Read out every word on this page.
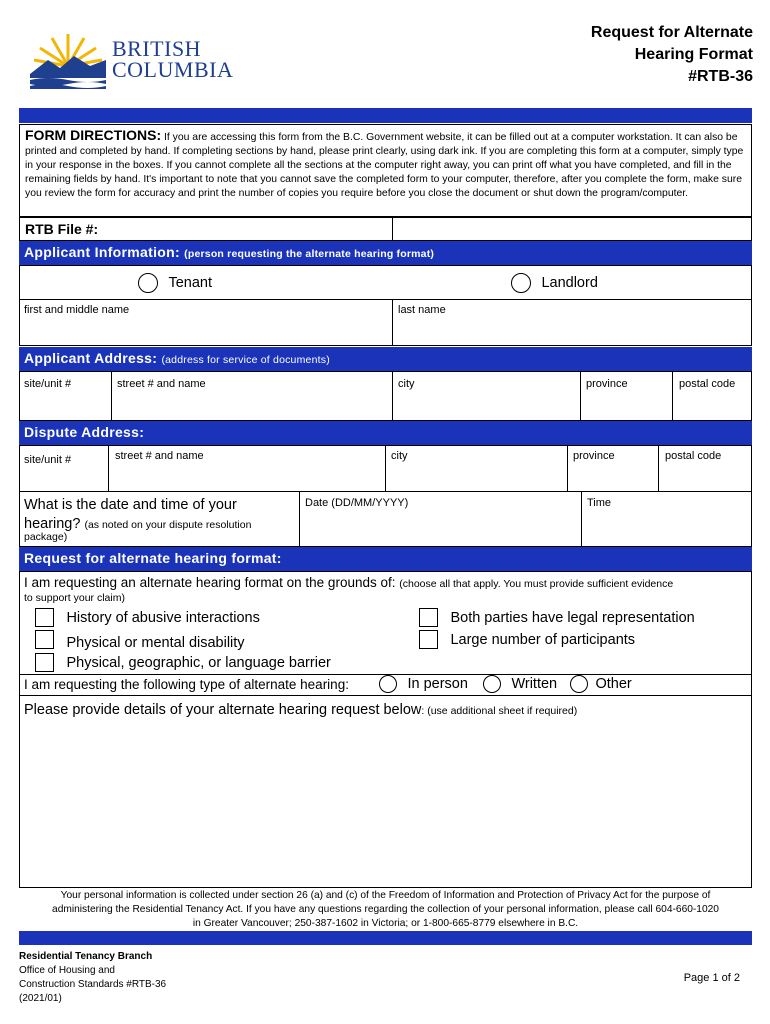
BRITISH
COLUMBIA
Request for Alternate
Hearing Format
#RTB-36
FORM DIRECTIONS: If you are accessing this form from the B.C. Government website, it can be filled out at a computer workstation. It can also be printed and completed by hand. If completing sections by hand, please print clearly, using dark ink. If you are completing this form at a computer, simply type in your response in the boxes. If you cannot complete all the sections at the computer right away, you can print off what you have completed, and fill in the remaining fields by hand. It's important to note that you cannot save the completed form to your computer, therefore, after you complete the form, make sure you review the form for accuracy and print the number of copies you require before you close the document or shut down the program/computer.
RTB File #:
Applicant Information: (person requesting the alternate hearing format)
Tenant	Landlord
first and middle name	last name
Applicant Address: (address for service of documents)
site/unit #	street # and name	city	province	postal code
Dispute Address:
site/unit #	street # and name	city	province	postal code
What is the date and time of your
hearing? (as noted on your dispute resolution
package)
Date (DD/MM/YYYY)	Time
Request for alternate hearing format:
I am requesting an alternate hearing format on the grounds of: (choose all that apply. You must provide sufficient evidence
to support your claim)
History of abusive interactions
Physical or mental disability
Physical, geographic, or language barrier
Both parties have legal representation
Large number of participants
I am requesting the following type of alternate hearing:	In person	Written	Other
Please provide details of your alternate hearing request below: (use additional sheet if required)
Your personal information is collected under section 26 (a) and (c) of the Freedom of Information and Protection of Privacy Act for the purpose of
administering the Residential Tenancy Act. If you have any questions regarding the collection of your personal information, please call 604-660-1020
in Greater Vancouver; 250-387-1602 in Victoria; or 1-800-665-8779 elsewhere in B.C.
Residential Tenancy Branch
Office of Housing and
Construction Standards #RTB-36
(2021/01)
Page 1 of 2
